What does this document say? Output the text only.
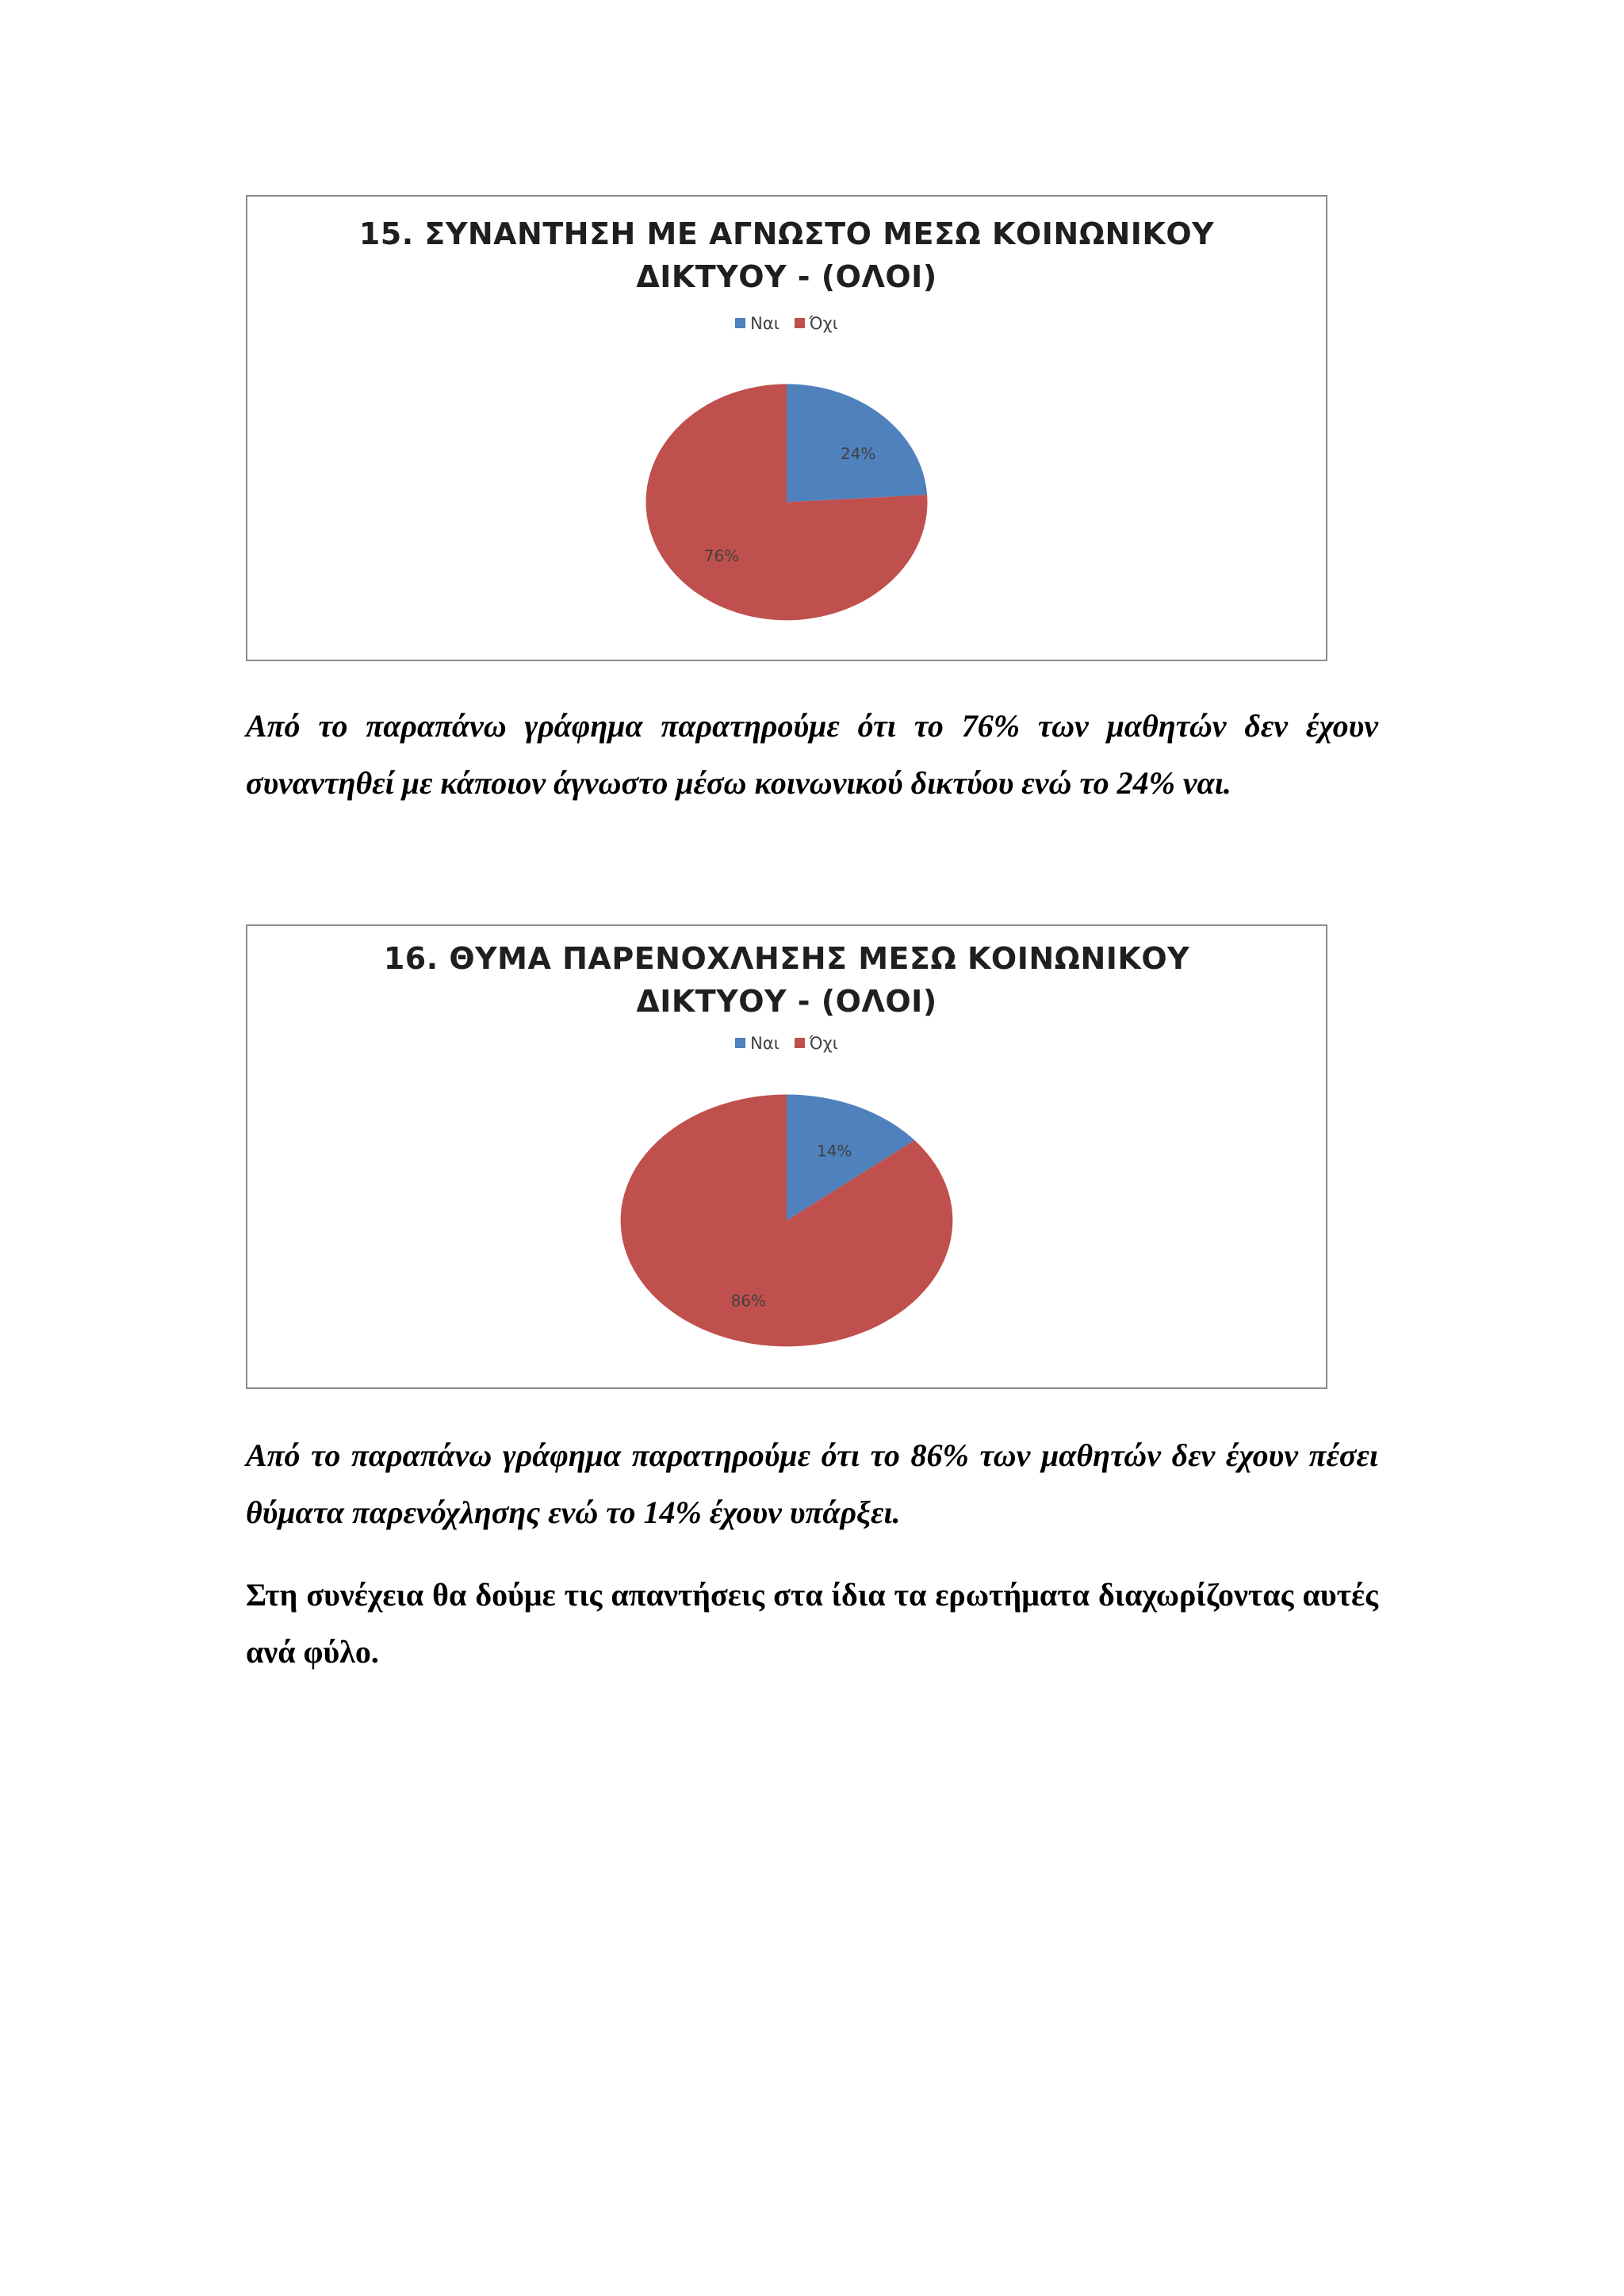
24%
76%
15. ΣΥΝΑΝΤΗΣΗ ΜΕ ΑΓΝΩΣΤΟ ΜΕΣΩ ΚΟΙΝΩΝΙΚΟΥ
ΔΙΚΤΥΟΥ - (ΟΛΟΙ)
Ναι Όχι

Από το παραπάνω γράφημα παρατηρούμε ότι το 76% των μαθητών δεν έχουν συναντηθεί με κάποιον άγνωστο μέσω κοινωνικού δικτύου ενώ το 24% ναι.

14%
86%
16. ΘΥΜΑ ΠΑΡΕΝΟΧΛΗΣΗΣ ΜΕΣΩ ΚΟΙΝΩΝΙΚΟΥ
ΔΙΚΤΥΟΥ - (ΟΛΟΙ)
Ναι Όχι

Από το παραπάνω γράφημα παρατηρούμε ότι το 86% των μαθητών δεν έχουν πέσει θύματα παρενόχλησης ενώ το 14% έχουν υπάρξει.

Στη συνέχεια θα δούμε τις απαντήσεις στα ίδια τα ερωτήματα διαχωρίζοντας αυτές ανά φύλο.
